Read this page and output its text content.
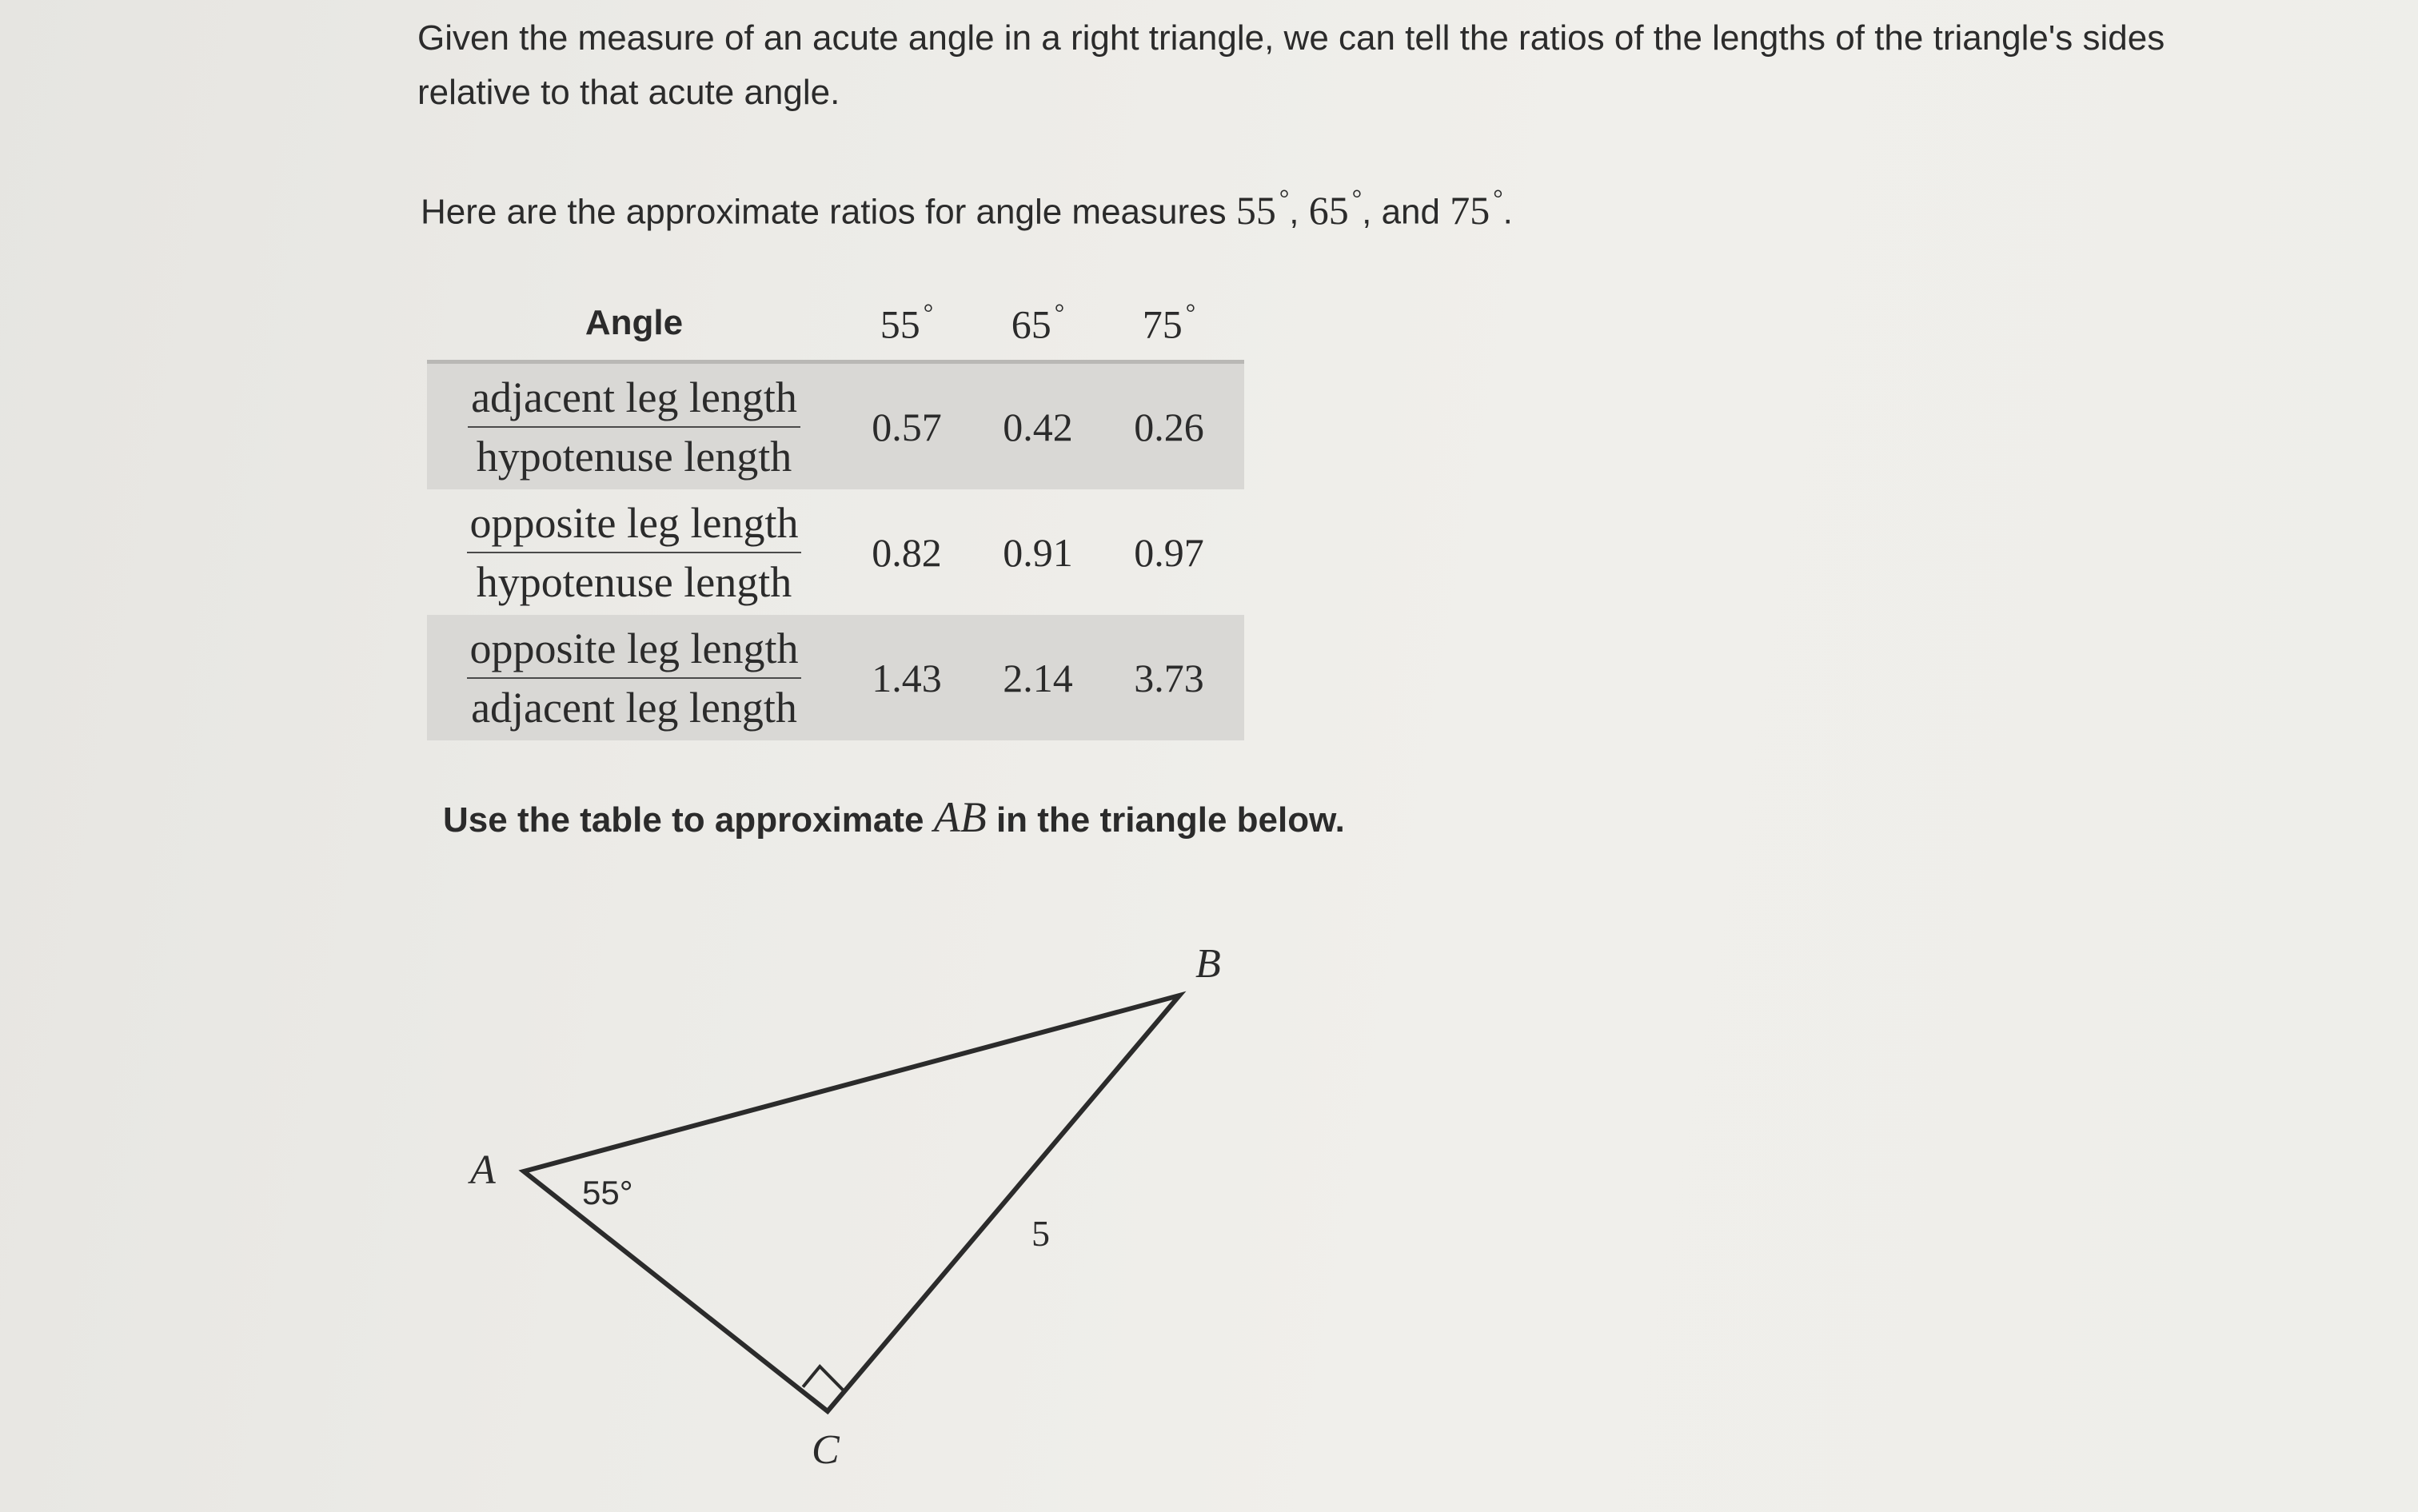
Given the measure of an acute angle in a right triangle, we can tell the ratios of the lengths of the triangle's sides relative to that acute angle.

Here are the approximate ratios for angle measures 55 °, 65 °, and 75 °.

Angle	55 °	65 °	75 °
$\frac{\text{adjacent leg length}}{\text{hypotenuse length}}$	0.57	0.42	0.26
$\frac{\text{opposite leg length}}{\text{hypotenuse length}}$	0.82	0.91	0.97
$\frac{\text{opposite leg length}}{\text{adjacent leg length}}$	1.43	2.14	3.73

Use the table to approximate AB in the triangle below.

A
B
C
55°
5
